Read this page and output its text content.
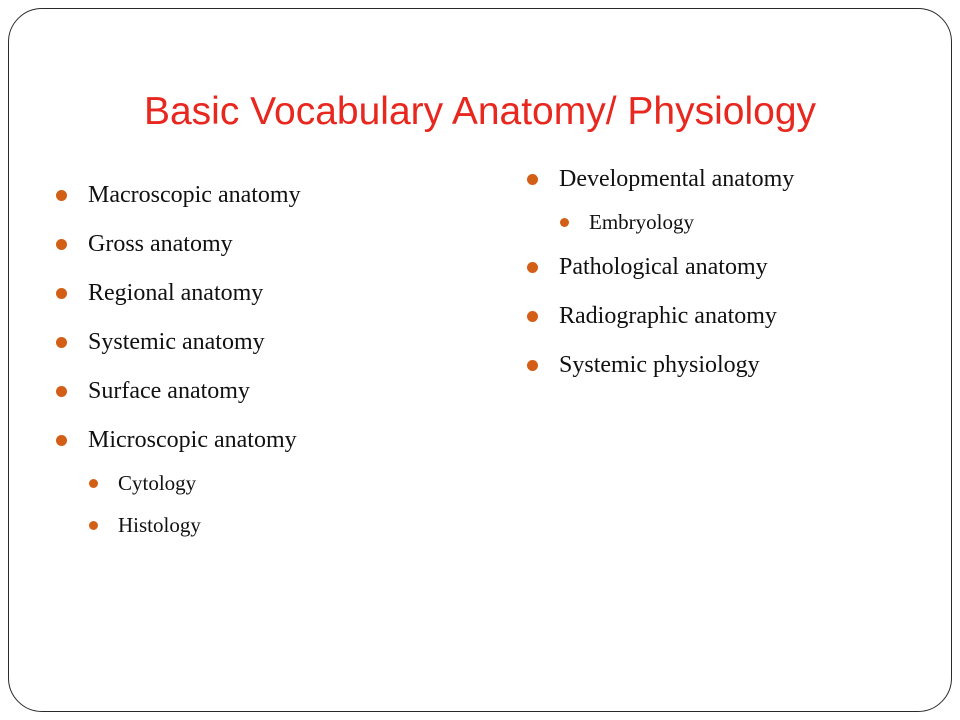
Basic Vocabulary Anatomy/ Physiology
Macroscopic anatomy
Gross anatomy
Regional anatomy
Systemic anatomy
Surface anatomy
Microscopic anatomy
Cytology
Histology
Developmental anatomy
Embryology
Pathological anatomy
Radiographic anatomy
Systemic physiology
